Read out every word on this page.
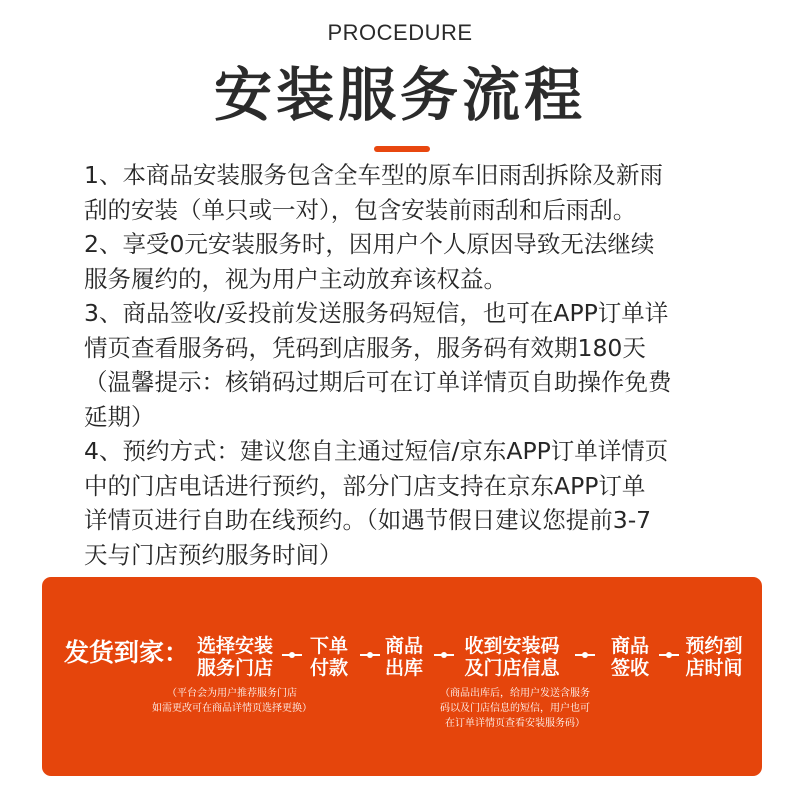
PROCEDURE
安装服务流程

1、本商品安装服务包含全车型的原车旧雨刮拆除及新雨

刮的安装（单只或一对），包含安装前雨刮和后雨刮。

2、享受0元安装服务时，因用户个人原因导致无法继续

服务履约的，视为用户主动放弃该权益。

3、商品签收/妥投前发送服务码短信，也可在APP订单详

情页查看服务码，凭码到店服务，服务码有效期180天

（温馨提示：核销码过期后可在订单详情页自助操作免费

延期）

4、预约方式：建议您自主通过短信/京东APP订单详情页

中的门店电话进行预约，部分门店支持在京东APP订单

详情页进行自助在线预约。（如遇节假日建议您提前3-7

天与门店预约服务时间）

发货到家： 选择安装
服务门店
下单
付款
商品
出库
收到安装码
及门店信息
商品
签收
预约到
店时间
（平台会为用户推荐服务门店
如需更改可在商品详情页选择更换）
（商品出库后，给用户发送含服务
码以及门店信息的短信，用户也可
在订单详情页查看安装服务码）
